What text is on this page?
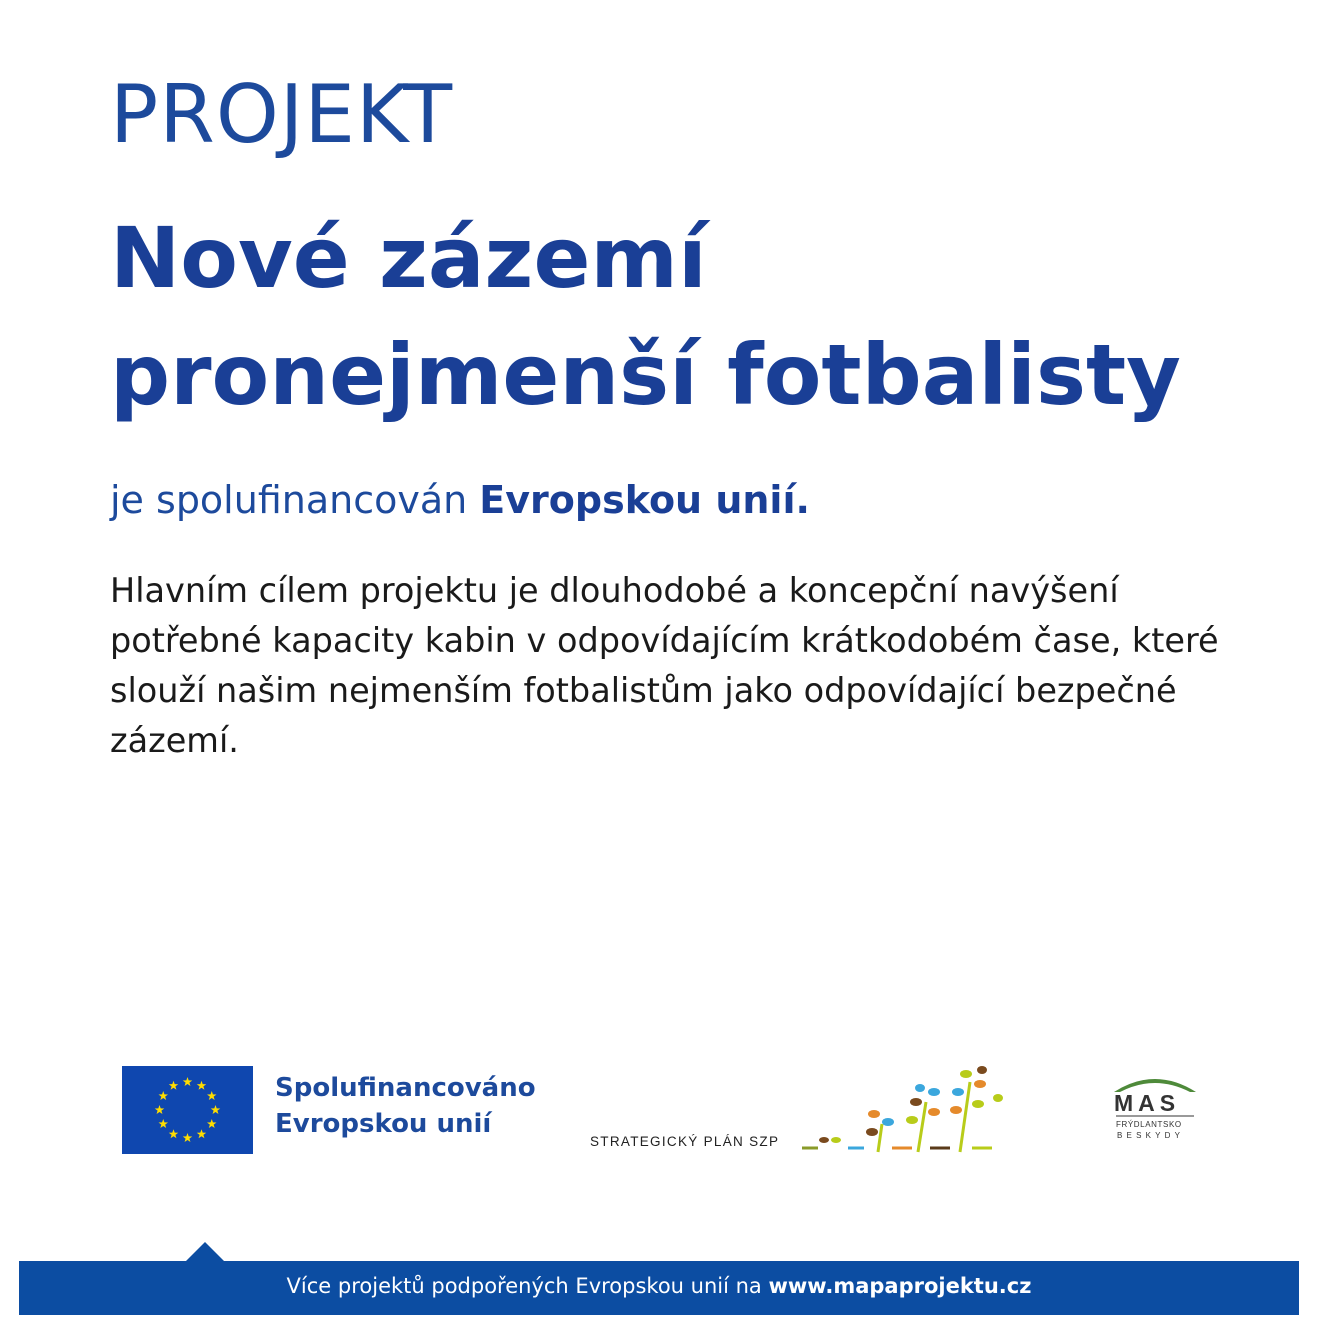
PROJEKT
Nové zázemí
pronejmenší fotbalisty
je spolufinancován Evropskou unií.
Hlavním cílem projektu je dlouhodobé a koncepční navýšení potřebné kapacity kabin v odpovídajícím krátkodobém čase, které slouží našim nejmenším fotbalistům jako odpovídající bezpečné zázemí.
Spolufinancováno
Evropskou unií
STRATEGICKÝ PLÁN SZP
MAS
FRÝDLANTSKO
BESKYDY
Více projektů podpořených Evropskou unií na www.mapaprojektu.cz
